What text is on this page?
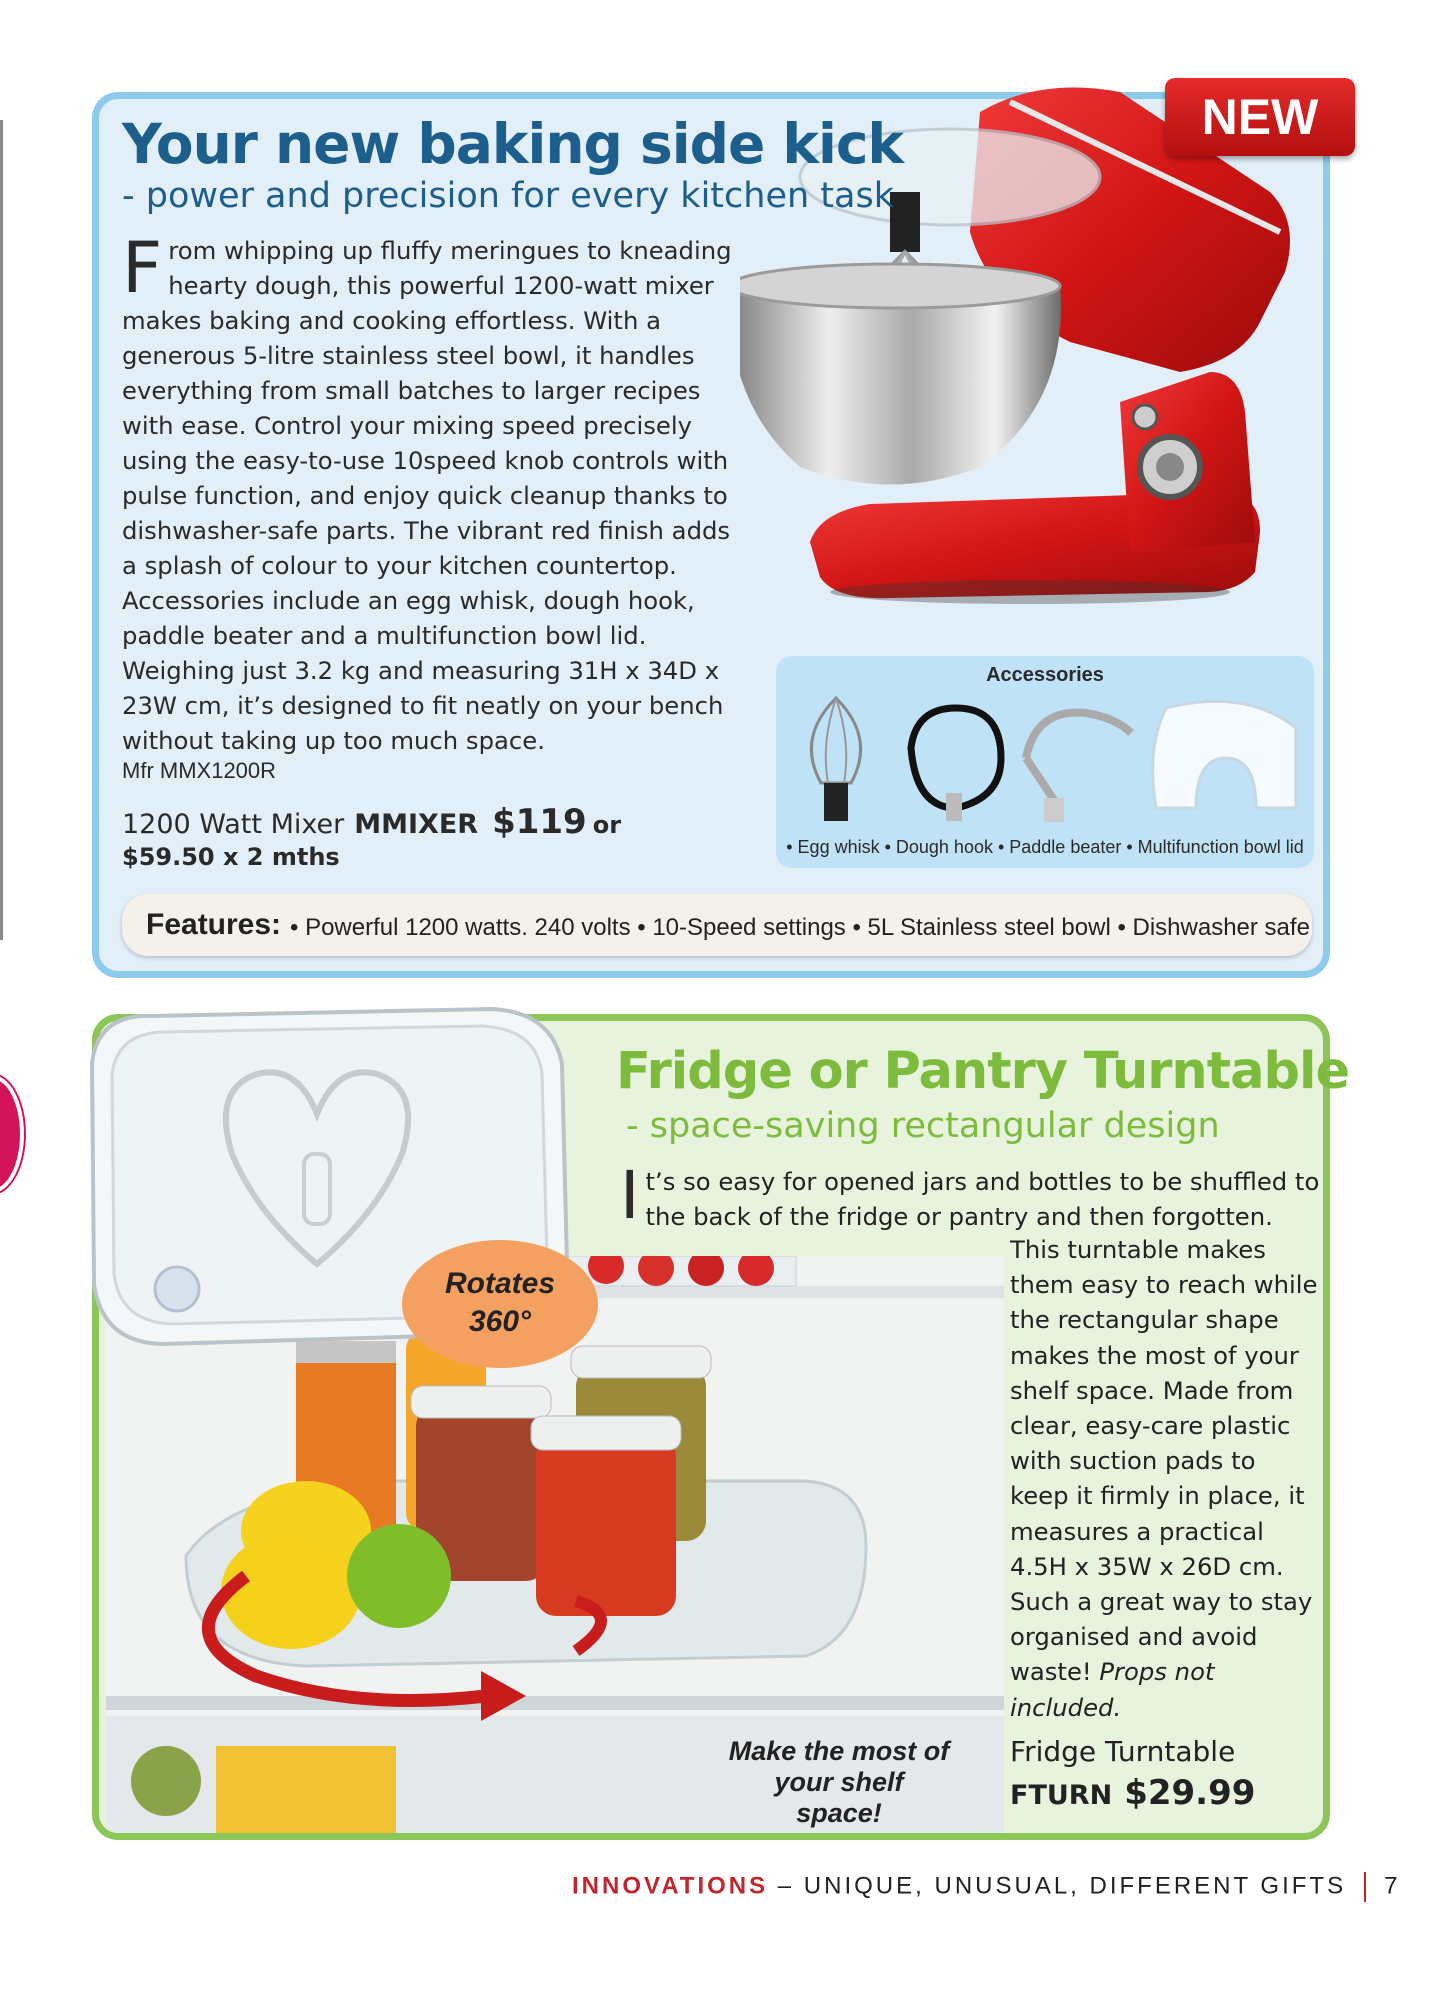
NEW
Your new baking side kick
- power and precision for every kitchen task
From whipping up fluffy meringues to kneading hearty dough, this powerful 1200-watt mixer makes baking and cooking effortless. With a generous 5-litre stainless steel bowl, it handles everything from small batches to larger recipes with ease. Control your mixing speed precisely using the easy-to-use 10speed knob controls with pulse function, and enjoy quick cleanup thanks to dishwasher-safe parts. The vibrant red finish adds a splash of colour to your kitchen countertop. Accessories include an egg whisk, dough hook, paddle beater and a multifunction bowl lid. Weighing just 3.2 kg and measuring 31H x 34D x 23W cm, it’s designed to fit neatly on your bench without taking up too much space.
Mfr MMX1200R
1200 Watt Mixer MMIXER $119 or
$59.50 x 2 mths
Accessories
• Egg whisk • Dough hook • Paddle beater • Multifunction bowl lid
Features: • Powerful 1200 watts. 240 volts • 10-Speed settings • 5L Stainless steel bowl • Dishwasher safe
Fridge or Pantry Turntable
- space-saving rectangular design
It’s so easy for opened jars and bottles to be shuffled to the back of the fridge or pantry and then forgotten.
This turntable makes them easy to reach while the rectangular shape makes the most of your shelf space. Made from clear, easy-care plastic with suction pads to keep it firmly in place, it measures a practical 4.5H x 35W x 26D cm. Such a great way to stay organised and avoid waste! Props not included.
Rotates
360°
Make the most of
your shelf space!
Fridge Turntable
FTURN $29.99
INNOVATIONS – UNIQUE, UNUSUAL, DIFFERENT GIFTS 7
